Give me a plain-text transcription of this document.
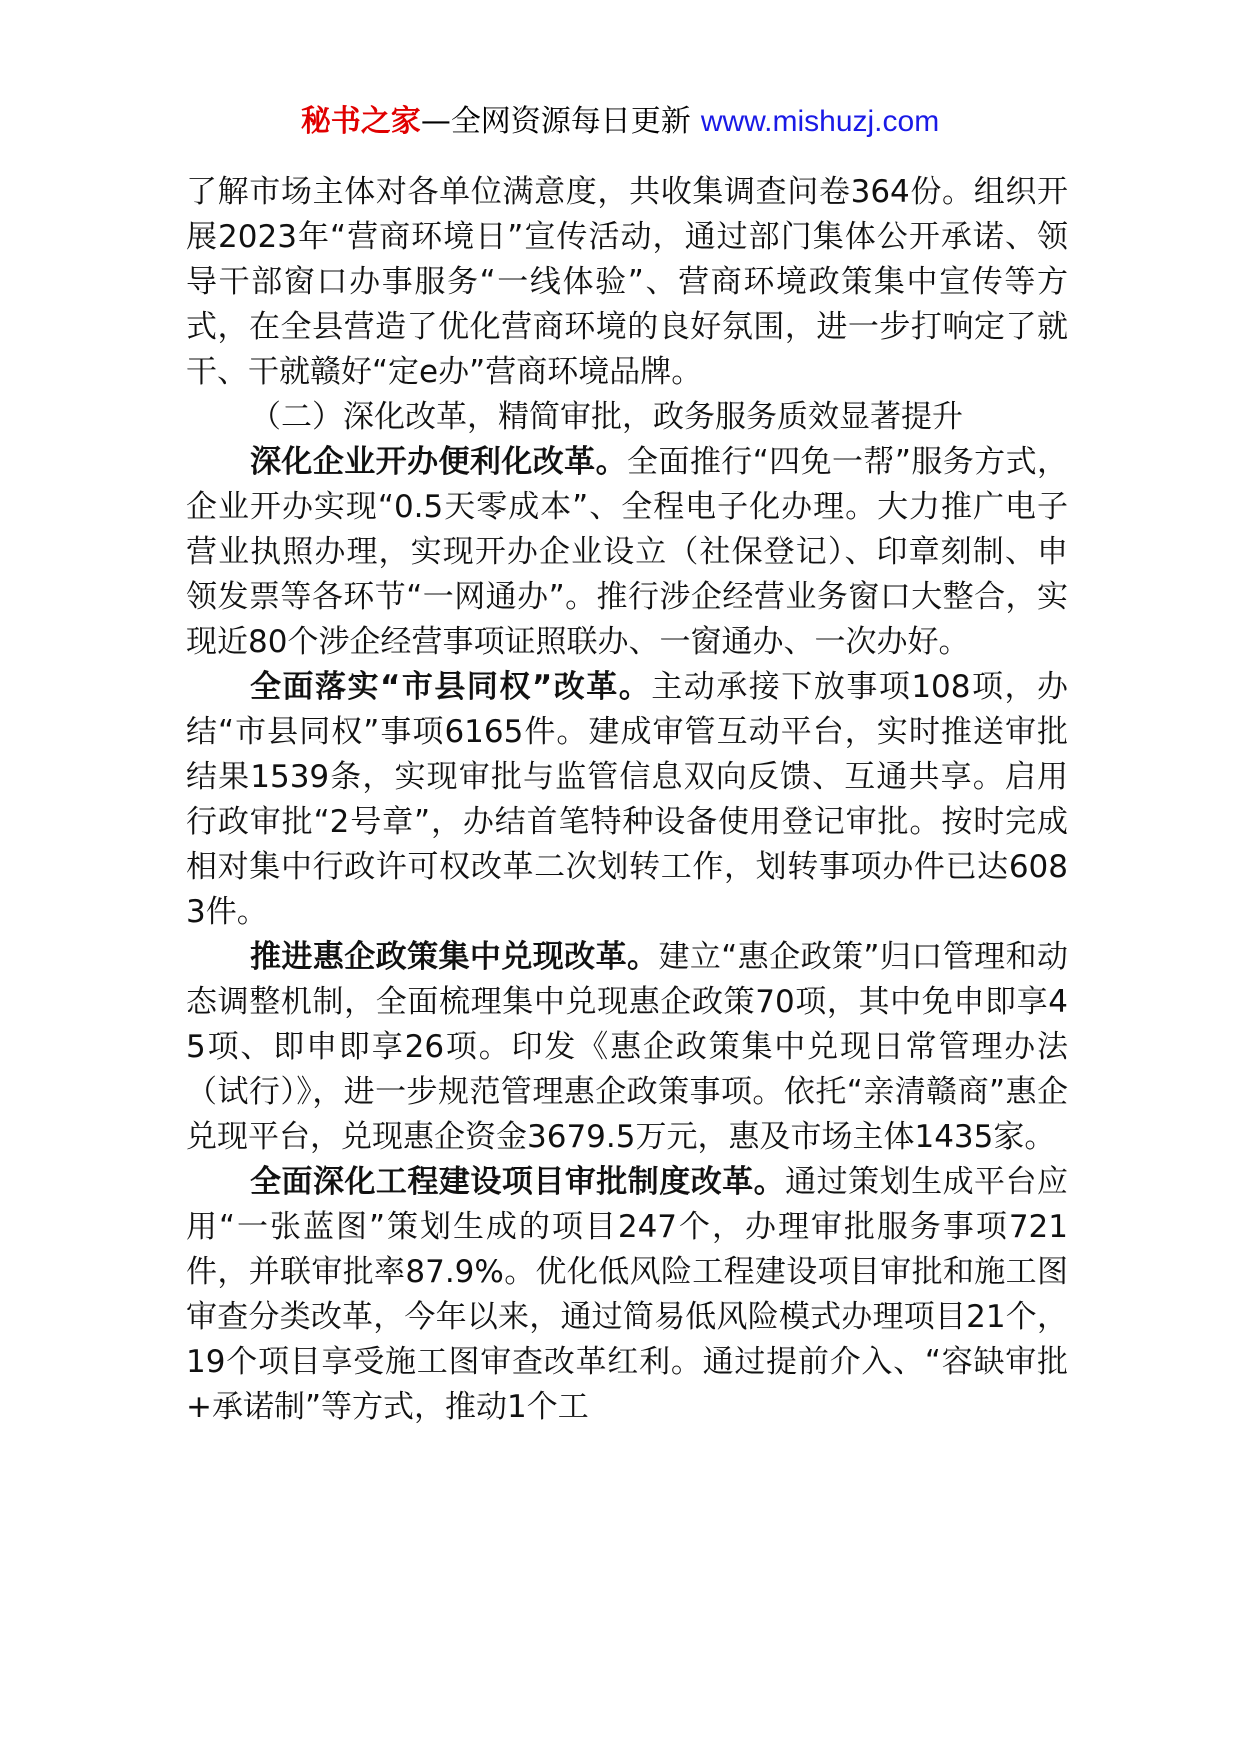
秘书之家—全网资源每日更新 www.mishuzj.com

了解市场主体对各单位满意度，共收集调查问卷364份。组织开展2023年“营商环境日”宣传活动，通过部门集体公开承诺、领导干部窗口办事服务“一线体验”、营商环境政策集中宣传等方式，在全县营造了优化营商环境的良好氛围，进一步打响定了就干、干就赣好“定e办”营商环境品牌。

（二）深化改革，精简审批，政务服务质效显著提升

深化企业开办便利化改革。全面推行“四免一帮”服务方式，企业开办实现“0.5天零成本”、全程电子化办理。大力推广电子营业执照办理，实现开办企业设立（社保登记）、印章刻制、申领发票等各环节“一网通办”。推行涉企经营业务窗口大整合，实现近80个涉企经营事项证照联办、一窗通办、一次办好。

全面落实“市县同权”改革。主动承接下放事项108项，办结“市县同权”事项6165件。建成审管互动平台，实时推送审批结果1539条，实现审批与监管信息双向反馈、互通共享。启用行政审批“2号章”，办结首笔特种设备使用登记审批。按时完成相对集中行政许可权改革二次划转工作，划转事项办件已达6083件。

推进惠企政策集中兑现改革。建立“惠企政策”归口管理和动态调整机制，全面梳理集中兑现惠企政策70项，其中免申即享45项、即申即享26项。印发《惠企政策集中兑现日常管理办法（试行）》，进一步规范管理惠企政策事项。依托“亲清赣商”惠企兑现平台，兑现惠企资金3679.5万元，惠及市场主体1435家。

全面深化工程建设项目审批制度改革。通过策划生成平台应用“一张蓝图”策划生成的项目247个，办理审批服务事项721件，并联审批率87.9%。优化低风险工程建设项目审批和施工图审查分类改革，今年以来，通过简易低风险模式办理项目21个，19个项目享受施工图审查改革红利。通过提前介入、“容缺审批+承诺制”等方式，推动1个工
